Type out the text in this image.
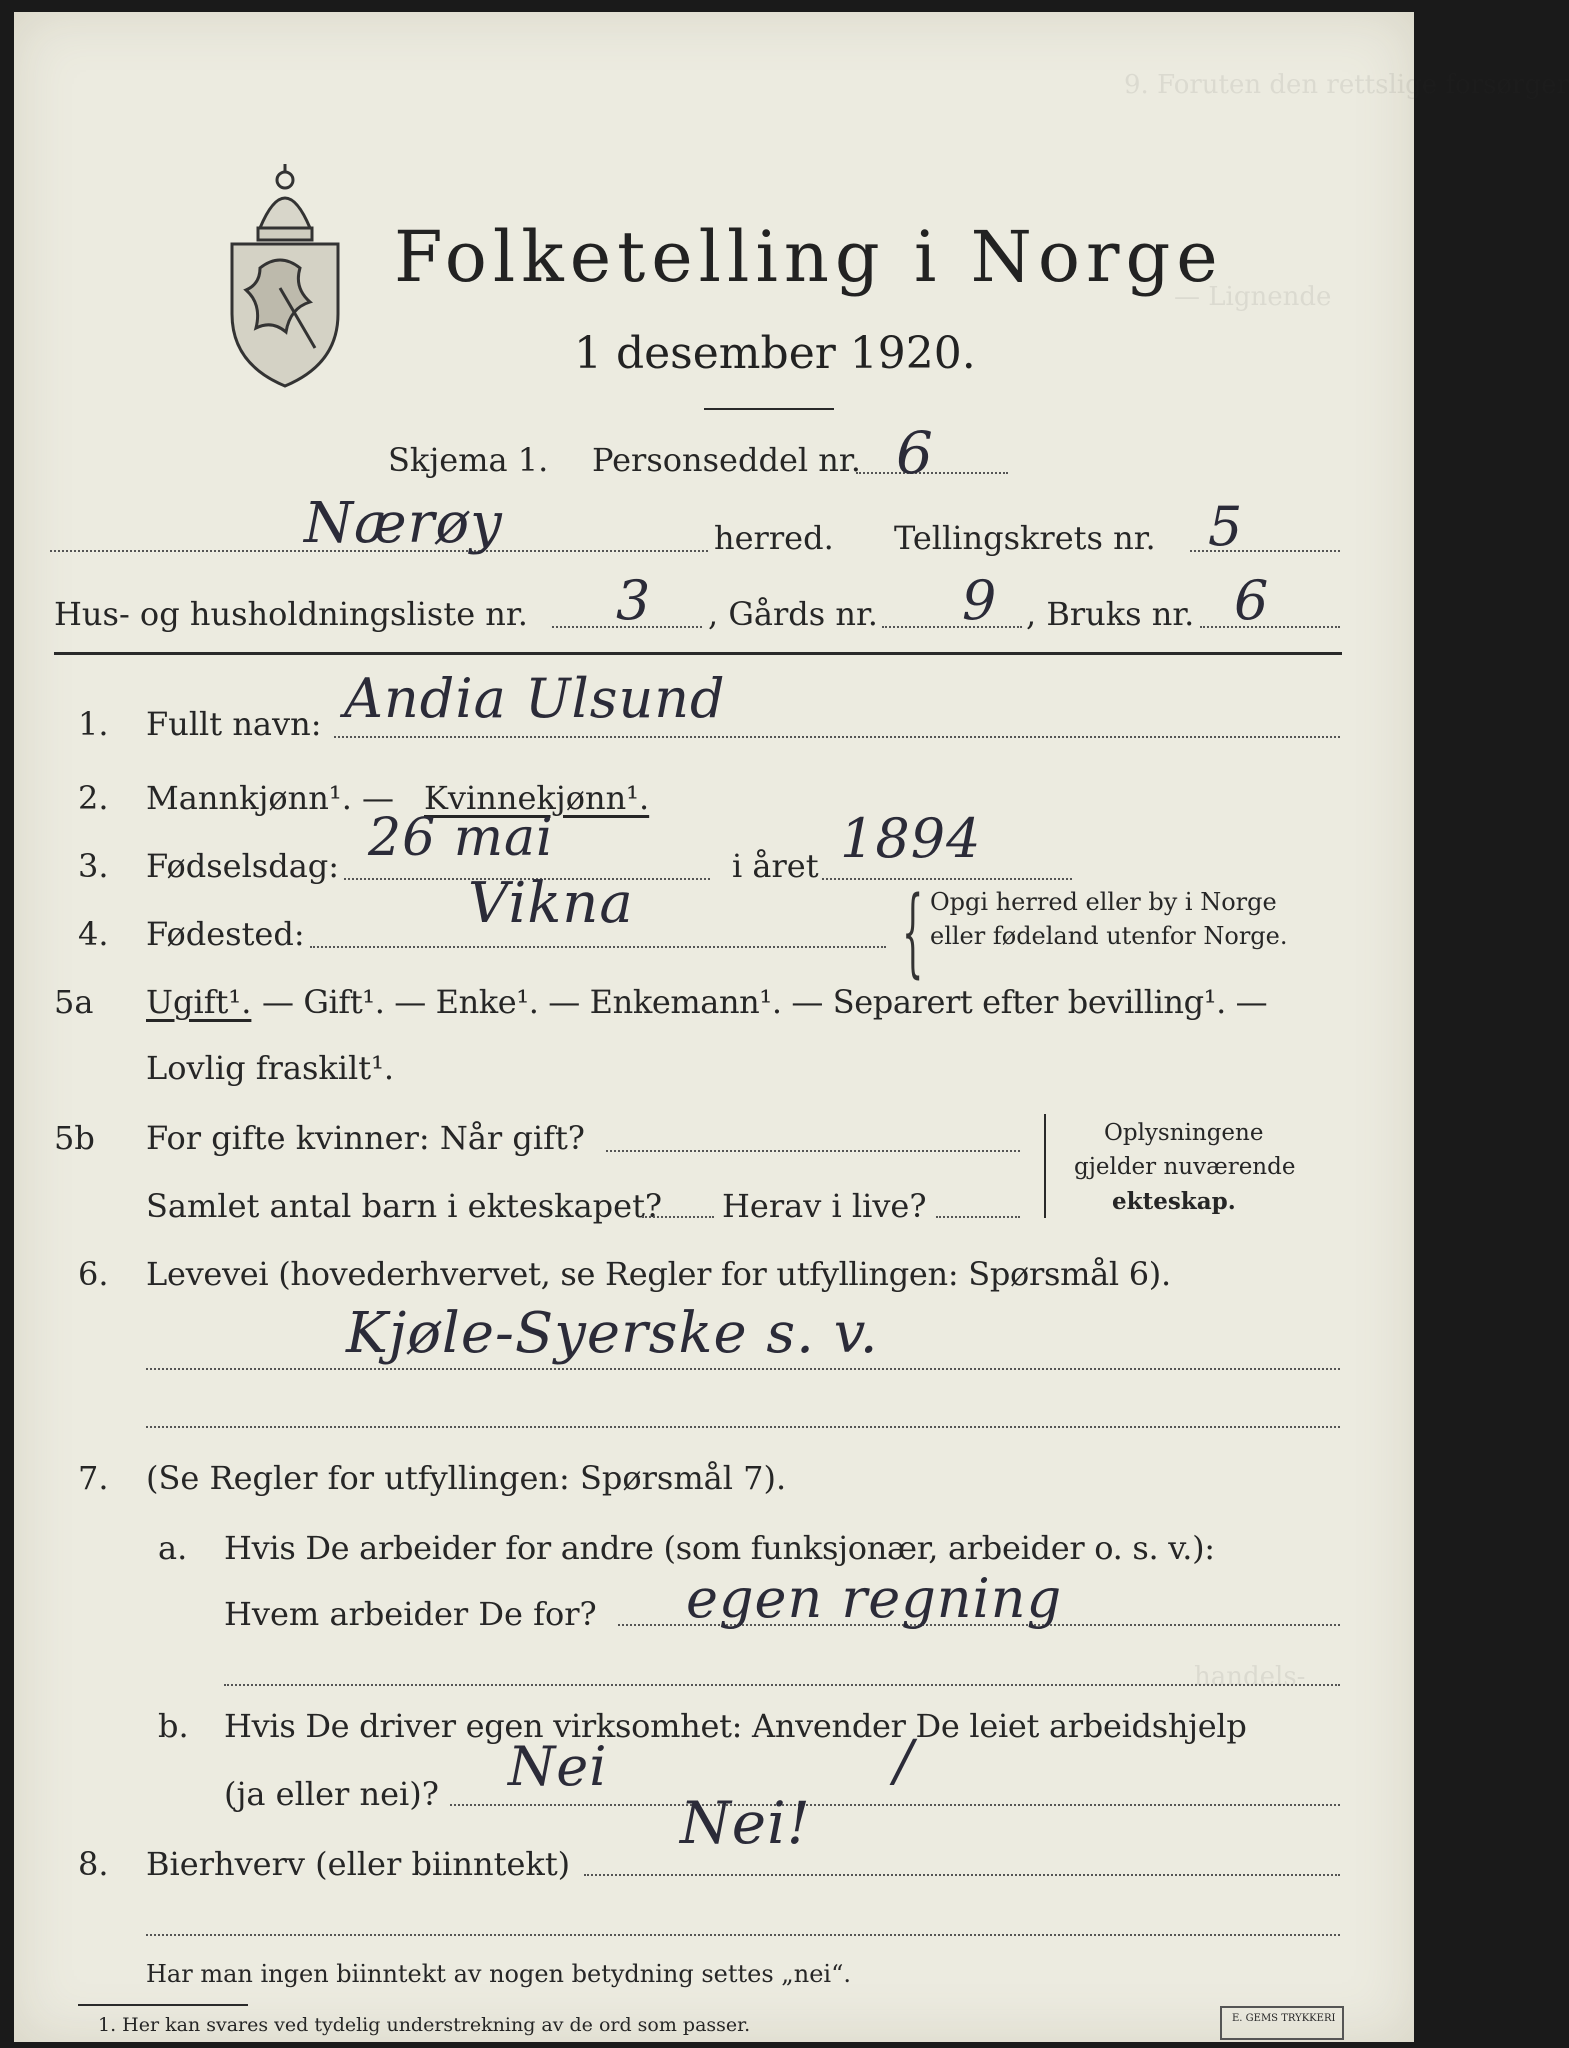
9. Foruten den rettslige forsørger
— Lignende
handels-
Folketelling i Norge
1 desember 1920.
Skjema 1. Personseddel nr. 6
Nærøy	herred. Tellingskrets nr. 5
Hus- og husholdningsliste nr. 3 , Gårds nr. 9 , Bruks nr. 6
1. Fullt navn: Andia Ulsund
2. Mannkjønn¹. — Kvinnekjønn¹.
3. Fødselsdag: 26 mai	i året 1894
4. Fødested:	Vikna	{ Opgi herred eller by i Norge
eller fødeland utenfor Norge.
5a Ugift¹. — Gift¹. — Enke¹. — Enkemann¹. — Separert efter bevilling¹. —
Lovlig fraskilt¹.
5b For gifte kvinner: Når gift?
Samlet antal barn i ekteskapet? Herav i live?
Oplysningene
gjelder nuværende
ekteskap.
6. Levevei (hovederhvervet, se Regler for utfyllingen: Spørsmål 6).
Kjøle-Syerske s. v.
7. (Se Regler for utfyllingen: Spørsmål 7).
a. Hvis De arbeider for andre (som funksjonær, arbeider o. s. v.):
Hvem arbeider De for? egen regning
b. Hvis De driver egen virksomhet: Anvender De leiet arbeidshjelp
(ja eller nei)? Nei	/
8. Bierhverv (eller biinntekt)
Nei!
Har man ingen biinntekt av nogen betydning settes „nei“.
1. Her kan svares ved tydelig understrekning av de ord som passer.	E. GEMS TRYKKERI
